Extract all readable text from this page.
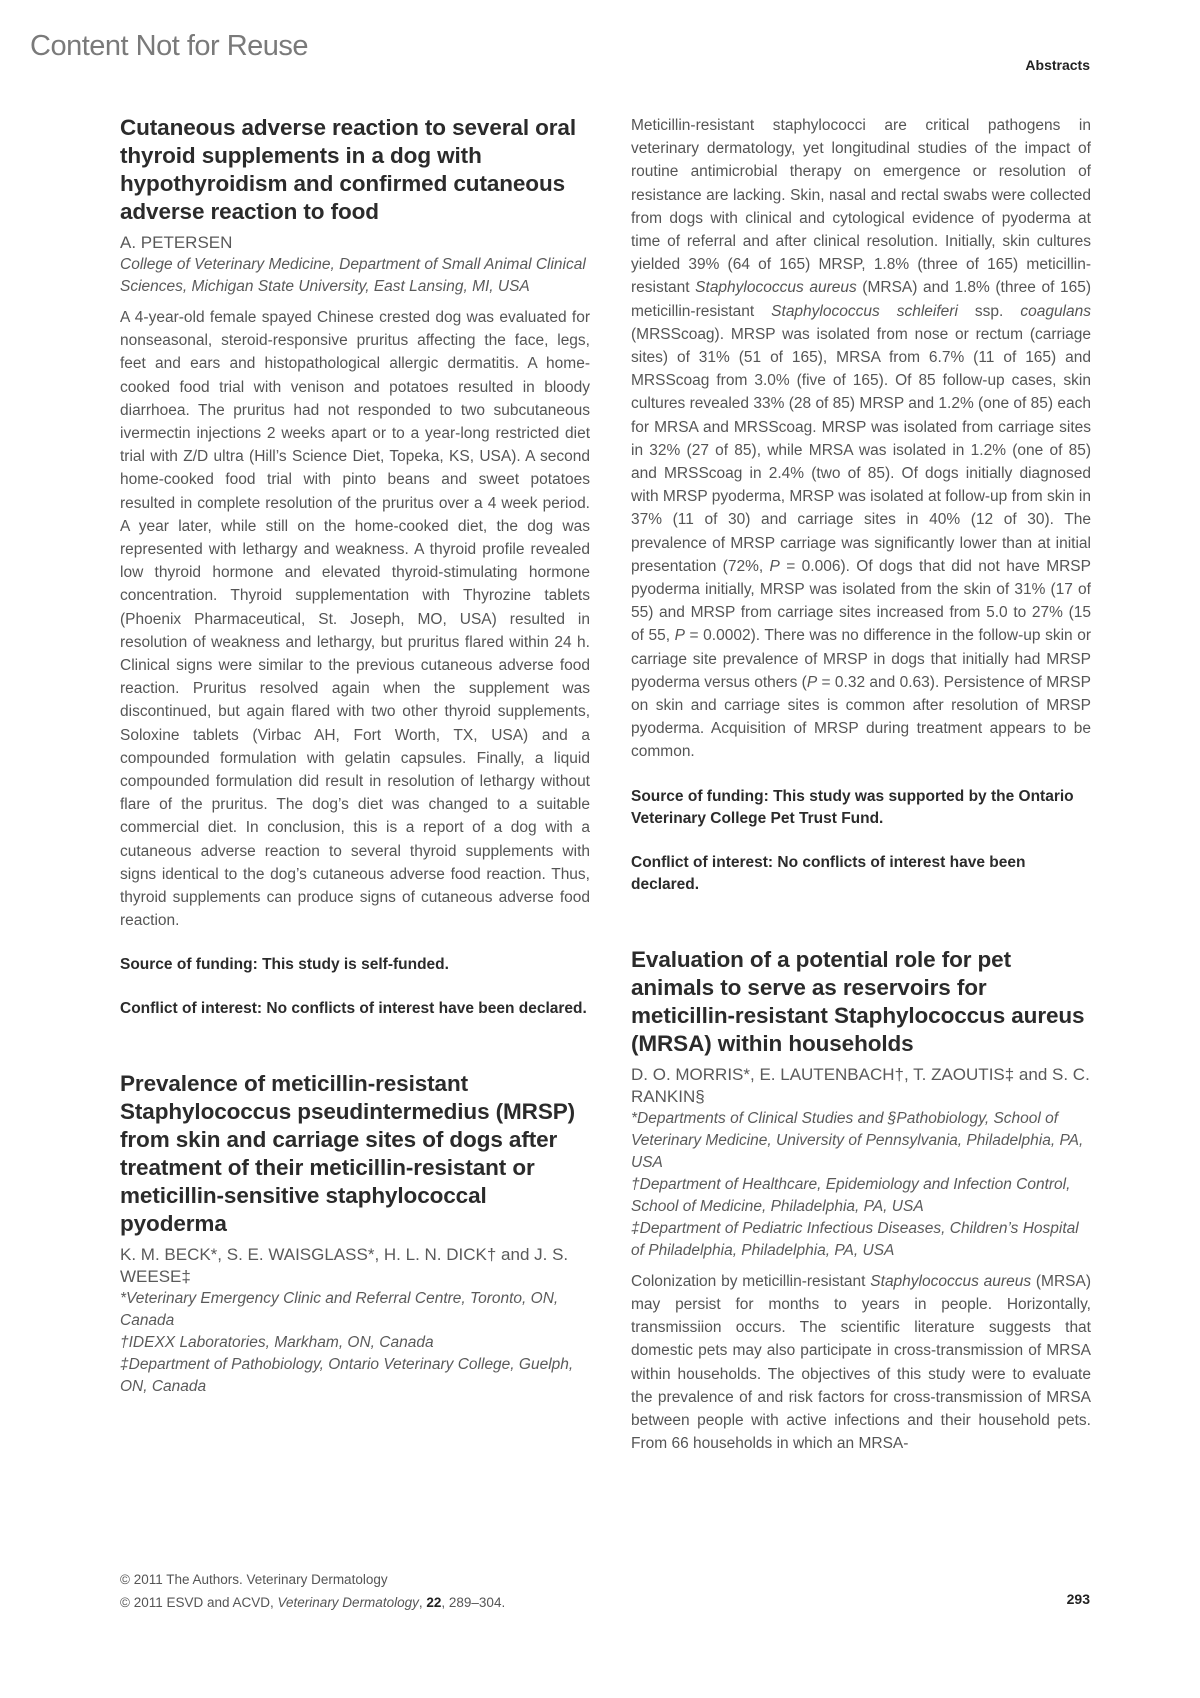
Content Not for Reuse
Abstracts
Cutaneous adverse reaction to several oral thyroid supplements in a dog with hypothyroidism and confirmed cutaneous adverse reaction to food

A. PETERSEN

College of Veterinary Medicine, Department of Small Animal Clinical Sciences, Michigan State University, East Lansing, MI, USA

A 4-year-old female spayed Chinese crested dog was evaluated for nonseasonal, steroid-responsive pruritus affecting the face, legs, feet and ears and histopathological allergic dermatitis. A home-cooked food trial with venison and potatoes resulted in bloody diarrhoea. The pruritus had not responded to two subcutaneous ivermectin injections 2 weeks apart or to a year-long restricted diet trial with Z/D ultra (Hill’s Science Diet, Topeka, KS, USA). A second home-cooked food trial with pinto beans and sweet potatoes resulted in complete resolution of the pruritus over a 4 week period. A year later, while still on the home-cooked diet, the dog was represented with lethargy and weakness. A thyroid profile revealed low thyroid hormone and elevated thyroid-stimulating hormone concentration. Thyroid supplementation with Thyrozine tablets (Phoenix Pharmaceutical, St. Joseph, MO, USA) resulted in resolution of weakness and lethargy, but pruritus flared within 24 h. Clinical signs were similar to the previous cutaneous adverse food reaction. Pruritus resolved again when the supplement was discontinued, but again flared with two other thyroid supplements, Soloxine tablets (Virbac AH, Fort Worth, TX, USA) and a compounded formulation with gelatin capsules. Finally, a liquid compounded formulation did result in resolution of lethargy without flare of the pruritus. The dog’s diet was changed to a suitable commercial diet. In conclusion, this is a report of a dog with a cutaneous adverse reaction to several thyroid supplements with signs identical to the dog’s cutaneous adverse food reaction. Thus, thyroid supplements can produce signs of cutaneous adverse food reaction.

Source of funding: This study is self-funded.

Conflict of interest: No conflicts of interest have been declared.

Prevalence of meticillin-resistant Staphylococcus pseudintermedius (MRSP) from skin and carriage sites of dogs after treatment of their meticillin-resistant or meticillin-sensitive staphylococcal pyoderma

K. M. BECK*, S. E. WAISGLASS*, H. L. N. DICK† and J. S. WEESE‡

*Veterinary Emergency Clinic and Referral Centre, Toronto, ON, Canada
†IDEXX Laboratories, Markham, ON, Canada
‡Department of Pathobiology, Ontario Veterinary College, Guelph, ON, Canada

Meticillin-resistant staphylococci are critical pathogens in veterinary dermatology, yet longitudinal studies of the impact of routine antimicrobial therapy on emergence or resolution of resistance are lacking. Skin, nasal and rectal swabs were collected from dogs with clinical and cytological evidence of pyoderma at time of referral and after clinical resolution. Initially, skin cultures yielded 39% (64 of 165) MRSP, 1.8% (three of 165) meticillin-resistant Staphylococcus aureus (MRSA) and 1.8% (three of 165) meticillin-resistant Staphylococcus schleiferi ssp. coagulans (MRSScoag). MRSP was isolated from nose or rectum (carriage sites) of 31% (51 of 165), MRSA from 6.7% (11 of 165) and MRSScoag from 3.0% (five of 165). Of 85 follow-up cases, skin cultures revealed 33% (28 of 85) MRSP and 1.2% (one of 85) each for MRSA and MRSScoag. MRSP was isolated from carriage sites in 32% (27 of 85), while MRSA was isolated in 1.2% (one of 85) and MRSScoag in 2.4% (two of 85). Of dogs initially diagnosed with MRSP pyoderma, MRSP was isolated at follow-up from skin in 37% (11 of 30) and carriage sites in 40% (12 of 30). The prevalence of MRSP carriage was significantly lower than at initial presentation (72%, P = 0.006). Of dogs that did not have MRSP pyoderma initially, MRSP was isolated from the skin of 31% (17 of 55) and MRSP from carriage sites increased from 5.0 to 27% (15 of 55, P = 0.0002). There was no difference in the follow-up skin or carriage site prevalence of MRSP in dogs that initially had MRSP pyoderma versus others (P = 0.32 and 0.63). Persistence of MRSP on skin and carriage sites is common after resolution of MRSP pyoderma. Acquisition of MRSP during treatment appears to be common.

Source of funding: This study was supported by the Ontario Veterinary College Pet Trust Fund.

Conflict of interest: No conflicts of interest have been declared.

Evaluation of a potential role for pet animals to serve as reservoirs for meticillin-resistant Staphylococcus aureus (MRSA) within households

D. O. MORRIS*, E. LAUTENBACH†, T. ZAOUTIS‡ and S. C. RANKIN§

*Departments of Clinical Studies and §Pathobiology, School of Veterinary Medicine, University of Pennsylvania, Philadelphia, PA, USA
†Department of Healthcare, Epidemiology and Infection Control, School of Medicine, Philadelphia, PA, USA
‡Department of Pediatric Infectious Diseases, Children’s Hospital of Philadelphia, Philadelphia, PA, USA

Colonization by meticillin-resistant Staphylococcus aureus (MRSA) may persist for months to years in people. Horizontally, transmissiion occurs. The scientific literature suggests that domestic pets may also participate in cross-transmission of MRSA within households. The objectives of this study were to evaluate the prevalence of and risk factors for cross-transmission of MRSA between people with active infections and their household pets. From 66 households in which an MRSA-

© 2011 The Authors. Veterinary Dermatology
© 2011 ESVD and ACVD, Veterinary Dermatology, 22, 289–304.	293
